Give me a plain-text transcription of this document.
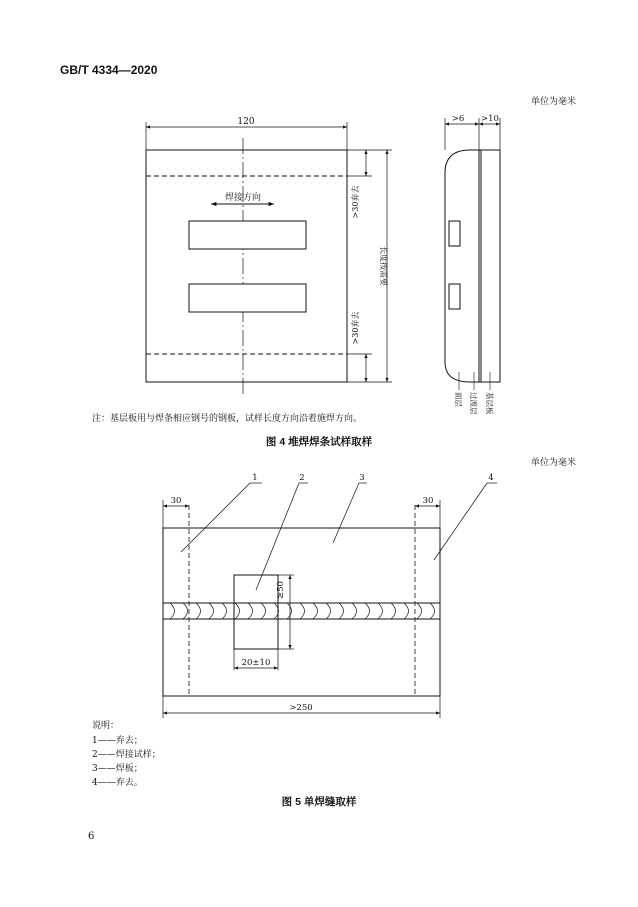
GB/T 4334—2020
单位为毫米
注：基层板用与焊条相应钢号的钢板，试样长度方向沿着施焊方向。
图 4 堆焊焊条试样取样
单位为毫米
说明：
1——弃去；
2——焊接试样；
3——焊板；
4——弃去。
图 5 单焊缝取样
6
120
焊接方向	>30弃去
>30弃去
长度按需要
>6 >10
面层 过渡层 基层板
1	2	3	4
30	30
≥50
20±10
>250
